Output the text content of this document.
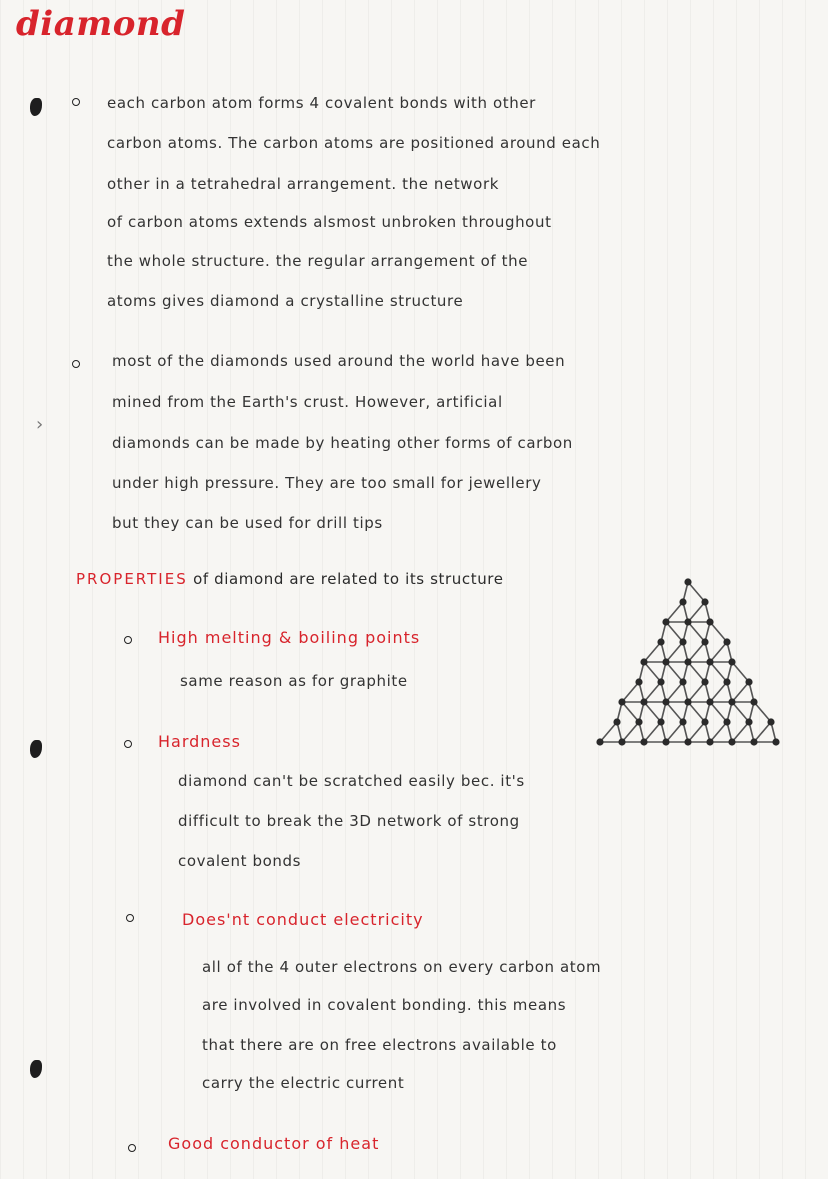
diamond
›
each carbon atom forms 4 covalent bonds with other
carbon atoms. The carbon atoms are positioned around each
other in a tetrahedral arrangement. the network
of carbon atoms extends alsmost unbroken throughout
the whole structure. the regular arrangement of the
atoms gives diamond a crystalline structure
most of the diamonds used around the world have been
mined from the Earth's crust. However, artificial
diamonds can be made by heating other forms of carbon
under high pressure. They are too small for jewellery
but they can be used for drill tips
PROPERTIES of diamond are related to its structure
High melting & boiling points
same reason as for graphite
Hardness
diamond can't be scratched easily bec. it's
difficult to break the 3D network of strong
covalent bonds
Does'nt conduct electricity
all of the 4 outer electrons on every carbon atom
are involved in covalent bonding. this means
that there are on free electrons available to
carry the electric current
Good conductor of heat
